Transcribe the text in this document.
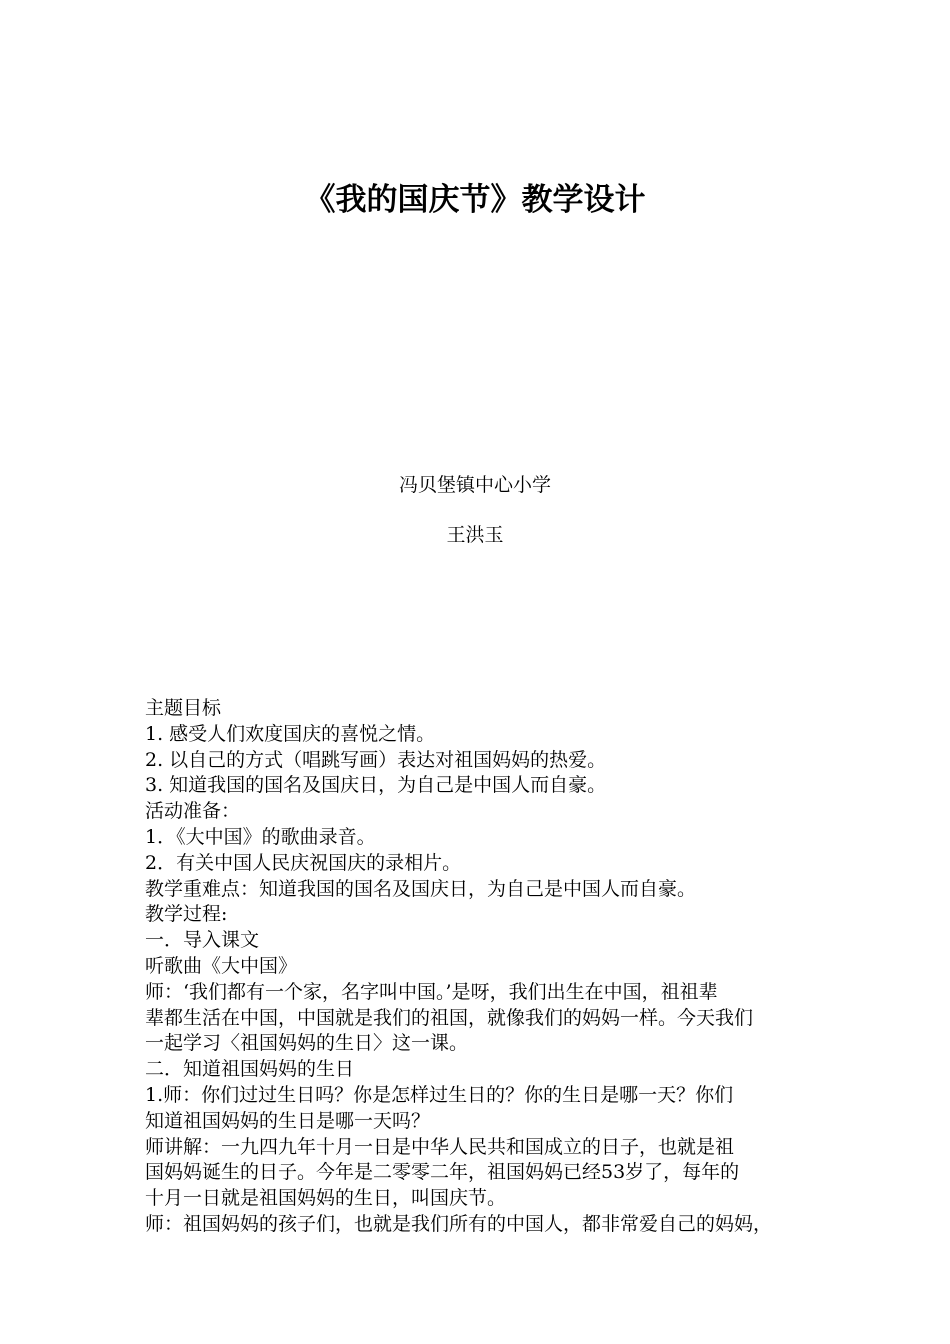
《我的国庆节》教学设计
冯贝堡镇中心小学
王洪玉
主题目标
1. 感受人们欢度国庆的喜悦之情。
2. 以自己的方式（唱跳写画）表达对祖国妈妈的热爱。
3. 知道我国的国名及国庆日，为自己是中国人而自豪。
活动准备：
1．《大中国》的歌曲录音。
2．有关中国人民庆祝国庆的录相片。
教学重难点：知道我国的国名及国庆日，为自己是中国人而自豪。
教学过程:
一．导入课文
听歌曲《大中国》
师：‘我们都有一个家，名字叫中国。’是呀，我们出生在中国，祖祖辈
辈都生活在中国，中国就是我们的祖国，就像我们的妈妈一样。今天我们
一起学习〈祖国妈妈的生日〉这一课。
二．知道祖国妈妈的生日
1.师：你们过过生日吗？你是怎样过生日的？你的生日是哪一天？你们
知道祖国妈妈的生日是哪一天吗？
师讲解：一九四九年十月一日是中华人民共和国成立的日子，也就是祖
国妈妈诞生的日子。今年是二零零二年，祖国妈妈已经53岁了，每年的
十月一日就是祖国妈妈的生日，叫国庆节。
师：祖国妈妈的孩子们，也就是我们所有的中国人，都非常爱自己的妈妈，
